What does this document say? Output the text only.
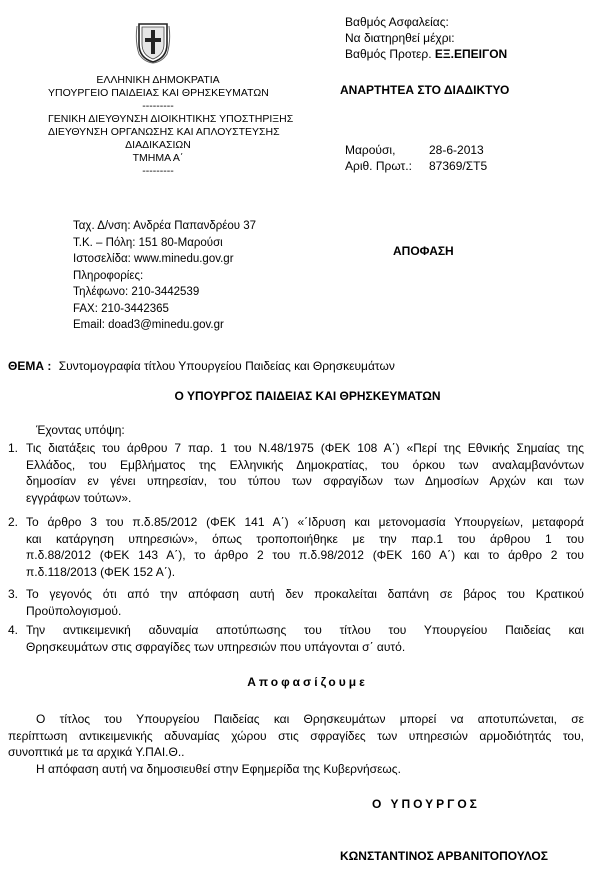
ΕΛΛΗΝΙΚΗ ΔΗΜΟΚΡΑΤΙΑ
ΥΠΟΥΡΓΕΙΟ ΠΑΙΔΕΙΑΣ ΚΑΙ ΘΡΗΣΚΕΥΜΑΤΩΝ
---------
ΓΕΝΙΚΗ ΔΙΕΥΘΥΝΣΗ ΔΙΟΙΚΗΤΙΚΗΣ ΥΠΟΣΤΗΡΙΞΗΣ
ΔΙΕΥΘΥΝΣΗ ΟΡΓΑΝΩΣΗΣ ΚΑΙ ΑΠΛΟΥΣΤΕΥΣΗΣ
ΔΙΑΔΙΚΑΣΙΩΝ
ΤΜΗΜΑ Α΄
---------
Βαθμός Ασφαλείας:
Να διατηρηθεί μέχρι:
Βαθμός Προτερ. ΕΞ.ΕΠΕΙΓΟΝ
ΑΝΑΡΤΗΤΕΑ ΣΤΟ ΔΙΑΔΙΚΤΥΟ
Μαρούσι,	28-6-2013
Αριθ. Πρωτ.: 87369/ΣΤ5
Ταχ. Δ/νση: Ανδρέα Παπανδρέου 37
Τ.Κ. – Πόλη: 151 80-Μαρούσι
Ιστοσελίδα: www.minedu.gov.gr
Πληροφορίες:
Τηλέφωνο: 210-3442539
FAX: 210-3442365
Email: doad3@minedu.gov.gr
ΑΠΟΦΑΣΗ
ΘΕΜΑ : Συντομογραφία τίτλου Υπουργείου Παιδείας και Θρησκευμάτων
Ο ΥΠΟΥΡΓΟΣ ΠΑΙΔΕΙΑΣ ΚΑΙ ΘΡΗΣΚΕΥΜΑΤΩΝ
Έχοντας υπόψη:
1. Τις διατάξεις του άρθρου 7 παρ. 1 του Ν.48/1975 (ΦΕΚ 108 Α΄) «Περί της Εθνικής Σημαίας της
Ελλάδος, του Εμβλήματος της Ελληνικής Δημοκρατίας, του όρκου των αναλαμβανόντων
δημοσίαν εν γένει υπηρεσίαν, του τύπου των σφραγίδων των Δημοσίων Αρχών και των
εγγράφων τούτων».
2. Το άρθρο 3 του π.δ.85/2012 (ΦΕΚ 141 Α΄) «΄Ιδρυση και μετονομασία Υπουργείων, μεταφορά
και κατάργηση υπηρεσιών», όπως τροποποιήθηκε με την παρ.1 του άρθρου 1 του
π.δ.88/2012 (ΦΕΚ 143 Α΄), το άρθρο 2 του π.δ.98/2012 (ΦΕΚ 160 Α΄) και το άρθρο 2 του
π.δ.118/2013 (ΦΕΚ 152 Α΄).
3. Το γεγονός ότι από την απόφαση αυτή δεν προκαλείται δαπάνη σε βάρος του Κρατικού
Προϋπολογισμού.
4. Την αντικειμενική αδυναμία αποτύπωσης του τίτλου του Υπουργείου Παιδείας και
Θρησκευμάτων στις σφραγίδες των υπηρεσιών που υπάγονται σ΄ αυτό.
Αποφασίζουμε
Ο τίτλος του Υπουργείου Παιδείας και Θρησκευμάτων μπορεί να αποτυπώνεται, σε
περίπτωση αντικειμενικής αδυναμίας χώρου στις σφραγίδες των υπηρεσιών αρμοδιότητάς του,
συνοπτικά με τα αρχικά Υ.ΠΑΙ.Θ..
Η απόφαση αυτή να δημοσιευθεί στην Εφημερίδα της Κυβερνήσεως.
Ο ΥΠΟΥΡΓΟΣ
ΚΩΝΣΤΑΝΤΙΝΟΣ ΑΡΒΑΝΙΤΟΠΟΥΛΟΣ
